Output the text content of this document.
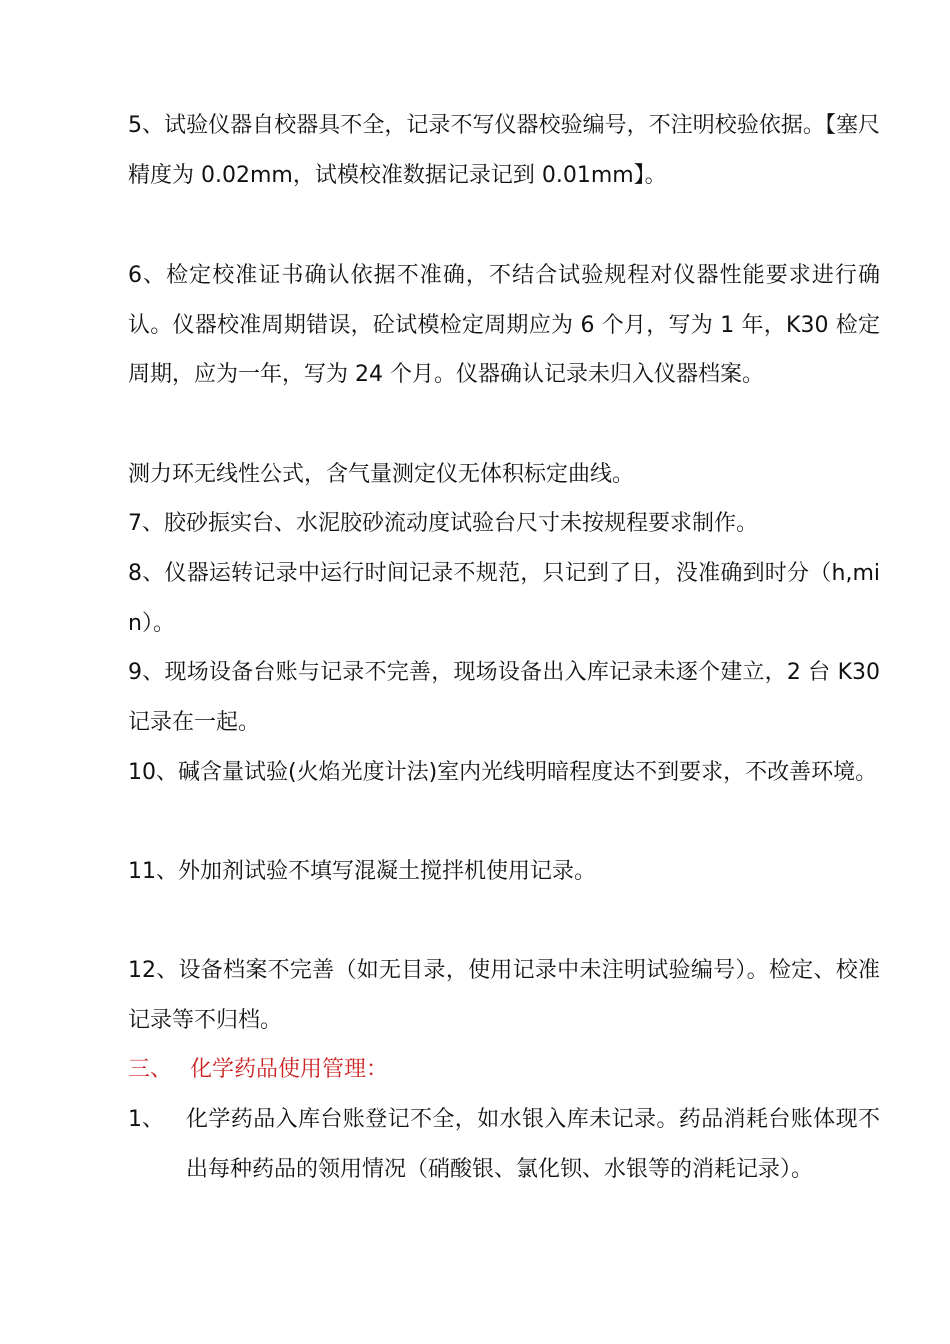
5、试验仪器自校器具不全，记录不写仪器校验编号，不注明校验依据。【塞尺精度为 0.02mm，试模校准数据记录记到 0.01mm】。

6、检定校准证书确认依据不准确，不结合试验规程对仪器性能要求进行确认。仪器校准周期错误，砼试模检定周期应为 6 个月，写为 1 年，K30 检定周期，应为一年，写为 24 个月。仪器确认记录未归入仪器档案。

测力环无线性公式，含气量测定仪无体积标定曲线。

7、胶砂振实台、水泥胶砂流动度试验台尺寸未按规程要求制作。

8、仪器运转记录中运行时间记录不规范，只记到了日，没准确到时分（h,min）。

9、现场设备台账与记录不完善，现场设备出入库记录未逐个建立，2 台 K30 记录在一起。

10、碱含量试验(火焰光度计法)室内光线明暗程度达不到要求，不改善环境。

11、外加剂试验不填写混凝土搅拌机使用记录。

12、设备档案不完善（如无目录，使用记录中未注明试验编号）。检定、校准记录等不归档。

三、 化学药品使用管理：
1、 化学药品入库台账登记不全，如水银入库未记录。药品消耗台账体现不出每种药品的领用情况（硝酸银、氯化钡、水银等的消耗记录）。
